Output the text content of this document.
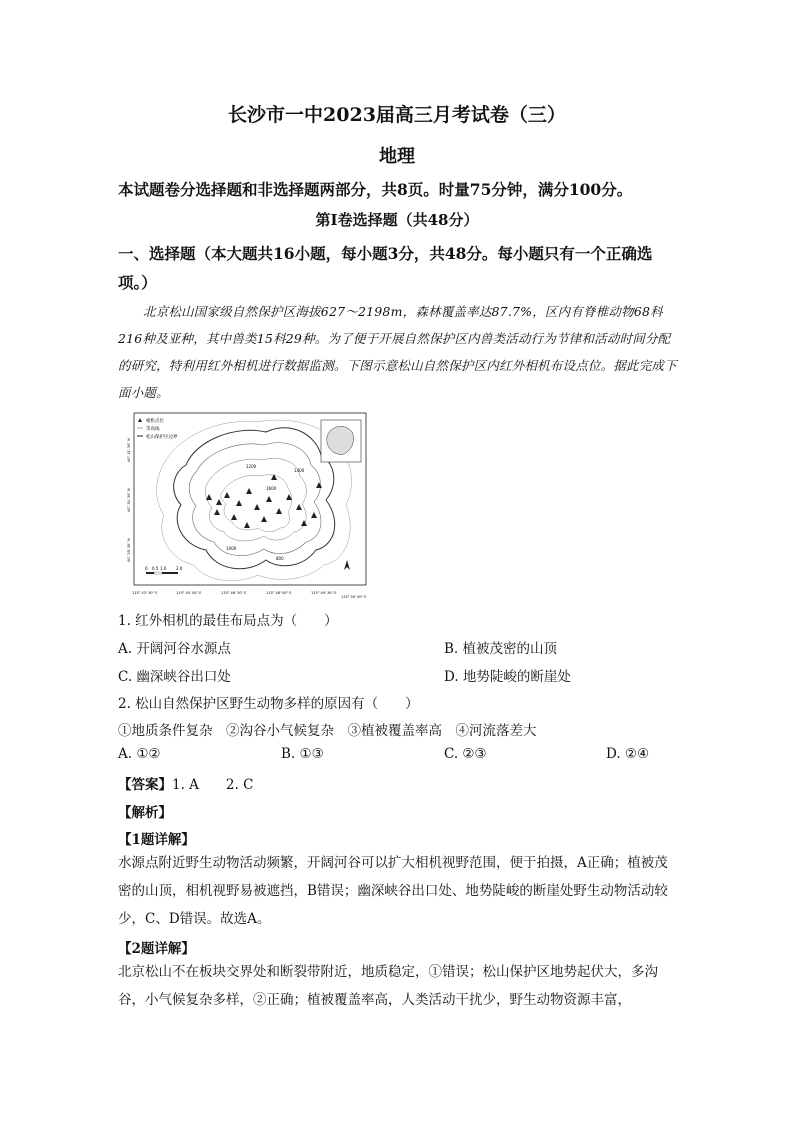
长沙市一中2023届高三月考试卷（三）
地理
本试题卷分选择题和非选择题两部分，共8页。时量75分钟，满分100分。
第Ⅰ卷选择题（共48分）
一、选择题（本大题共16小题，每小题3分，共48分。每小题只有一个正确选项。）
北京松山国家级自然保护区海拔627～2198m，森林覆盖率达87.7%，区内有脊椎动物68科216种及亚种，其中兽类15科29种。为了便于开展自然保护区内兽类活动行为节律和活动时间分配的研究，特利用红外相机进行数据监测。下图示意松山自然保护区内红外相机布设点位。据此完成下面小题。
相机点位
等高线
松山保护区边界
1200
1400
1000
800
1600
0 0.5 1.0 2.0
40° 31' 30" N
40° 30' 30" N
40° 29' 30" N
115° 43' 30" E	115° 45' 00" E	115° 46' 30" E	115° 48' 00" E	115° 49' 30" E
115° 50' 00" E
1. 红外相机的最佳布局点为（　　）
A. 开阔河谷水源点	B. 植被茂密的山顶
C. 幽深峡谷出口处	D. 地势陡峻的断崖处
2. 松山自然保护区野生动物多样的原因有（　　）
①地质条件复杂　②沟谷小气候复杂　③植被覆盖率高　④河流落差大
A. ①②	B. ①③	C. ②③	D. ②④
【答案】1. A　　2. C
【解析】
【1题详解】
水源点附近野生动物活动频繁，开阔河谷可以扩大相机视野范围，便于拍摄，A正确；植被茂密的山顶，相机视野易被遮挡，B错误；幽深峡谷出口处、地势陡峻的断崖处野生动物活动较少，C、D错误。故选A。
【2题详解】
北京松山不在板块交界处和断裂带附近，地质稳定，①错误；松山保护区地势起伏大，多沟谷，小气候复杂多样，②正确；植被覆盖率高，人类活动干扰少，野生动物资源丰富，
